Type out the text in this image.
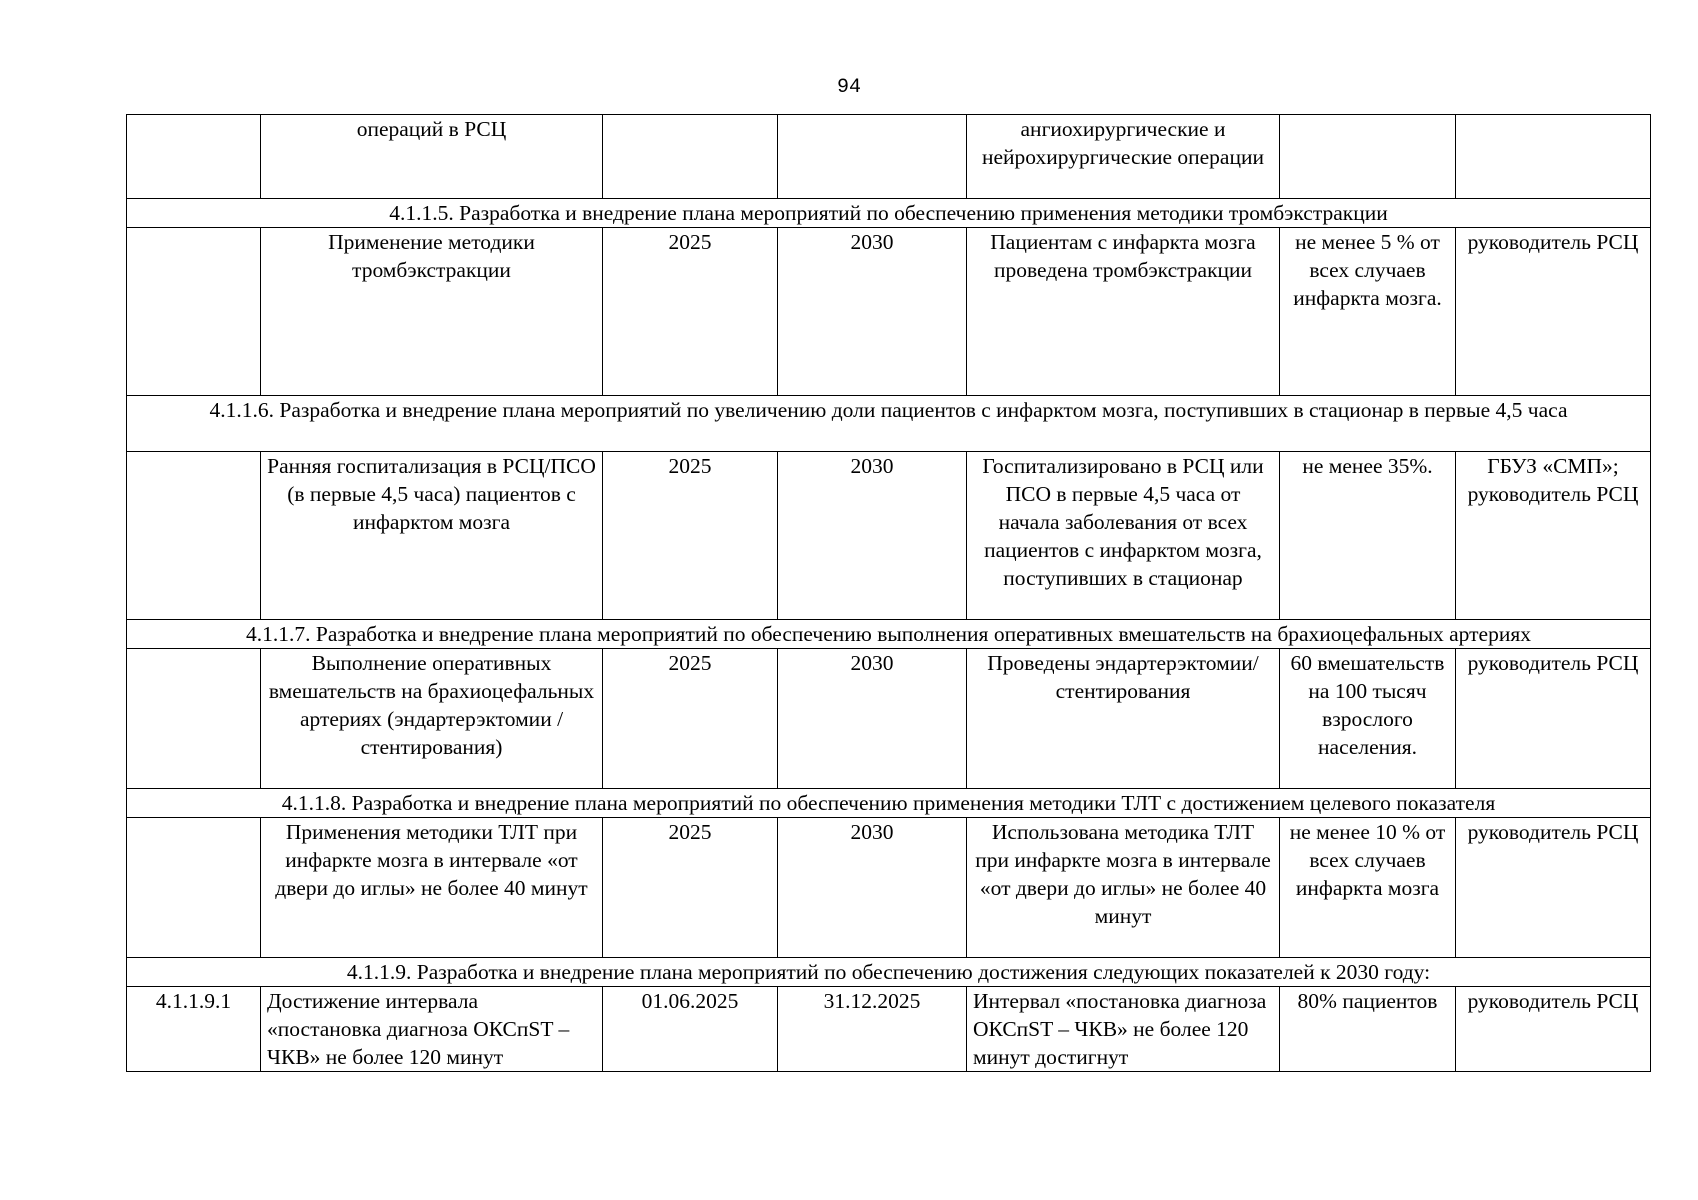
94
	операций в РСЦ			ангиохирургические и нейрохирургические операции		
4.1.1.5. Разработка и внедрение плана мероприятий по обеспечению применения методики тромбэкстракции						
	Применение методики тромбэкстракции	2025	2030	Пациентам с инфаркта мозга проведена тромбэкстракции	не менее 5 % от всех случаев инфаркта мозга.	руководитель РСЦ
4.1.1.6. Разработка и внедрение плана мероприятий по увеличению доли пациентов с инфарктом мозга, поступивших в стационар в первые 4,5 часа						
	Ранняя госпитализация в РСЦ/ПСО (в первые 4,5 часа) пациентов с инфарктом мозга	2025	2030	Госпитализировано в РСЦ или ПСО в первые 4,5 часа от начала заболевания от всех пациентов с инфарктом мозга, поступивших в стационар	не менее 35%.	ГБУЗ «СМП»; руководитель РСЦ
4.1.1.7. Разработка и внедрение плана мероприятий по обеспечению выполнения оперативных вмешательств на брахиоцефальных артериях						
	Выполнение оперативных вмешательств на брахиоцефальных артериях (эндартерэктомии / стентирования)	2025	2030	Проведены эндартерэктомии/ стентирования	60 вмешательств на 100 тысяч взрослого населения.	руководитель РСЦ
4.1.1.8. Разработка и внедрение плана мероприятий по обеспечению применения методики ТЛТ с достижением целевого показателя						
	Применения методики ТЛТ при инфаркте мозга в интервале «от двери до иглы» не более 40 минут	2025	2030	Использована методика ТЛТ при инфаркте мозга в интервале «от двери до иглы» не более 40 минут	не менее 10 % от всех случаев инфаркта мозга	руководитель РСЦ
4.1.1.9. Разработка и внедрение плана мероприятий по обеспечению достижения следующих показателей к 2030 году:						
4.1.1.9.1	Достижение интервала «постановка диагноза ОКСпST – ЧКВ» не более 120 минут	01.06.2025	31.12.2025	Интервал «постановка диагноза ОКСпST – ЧКВ» не более 120 минут достигнут	80% пациентов	руководитель РСЦ
